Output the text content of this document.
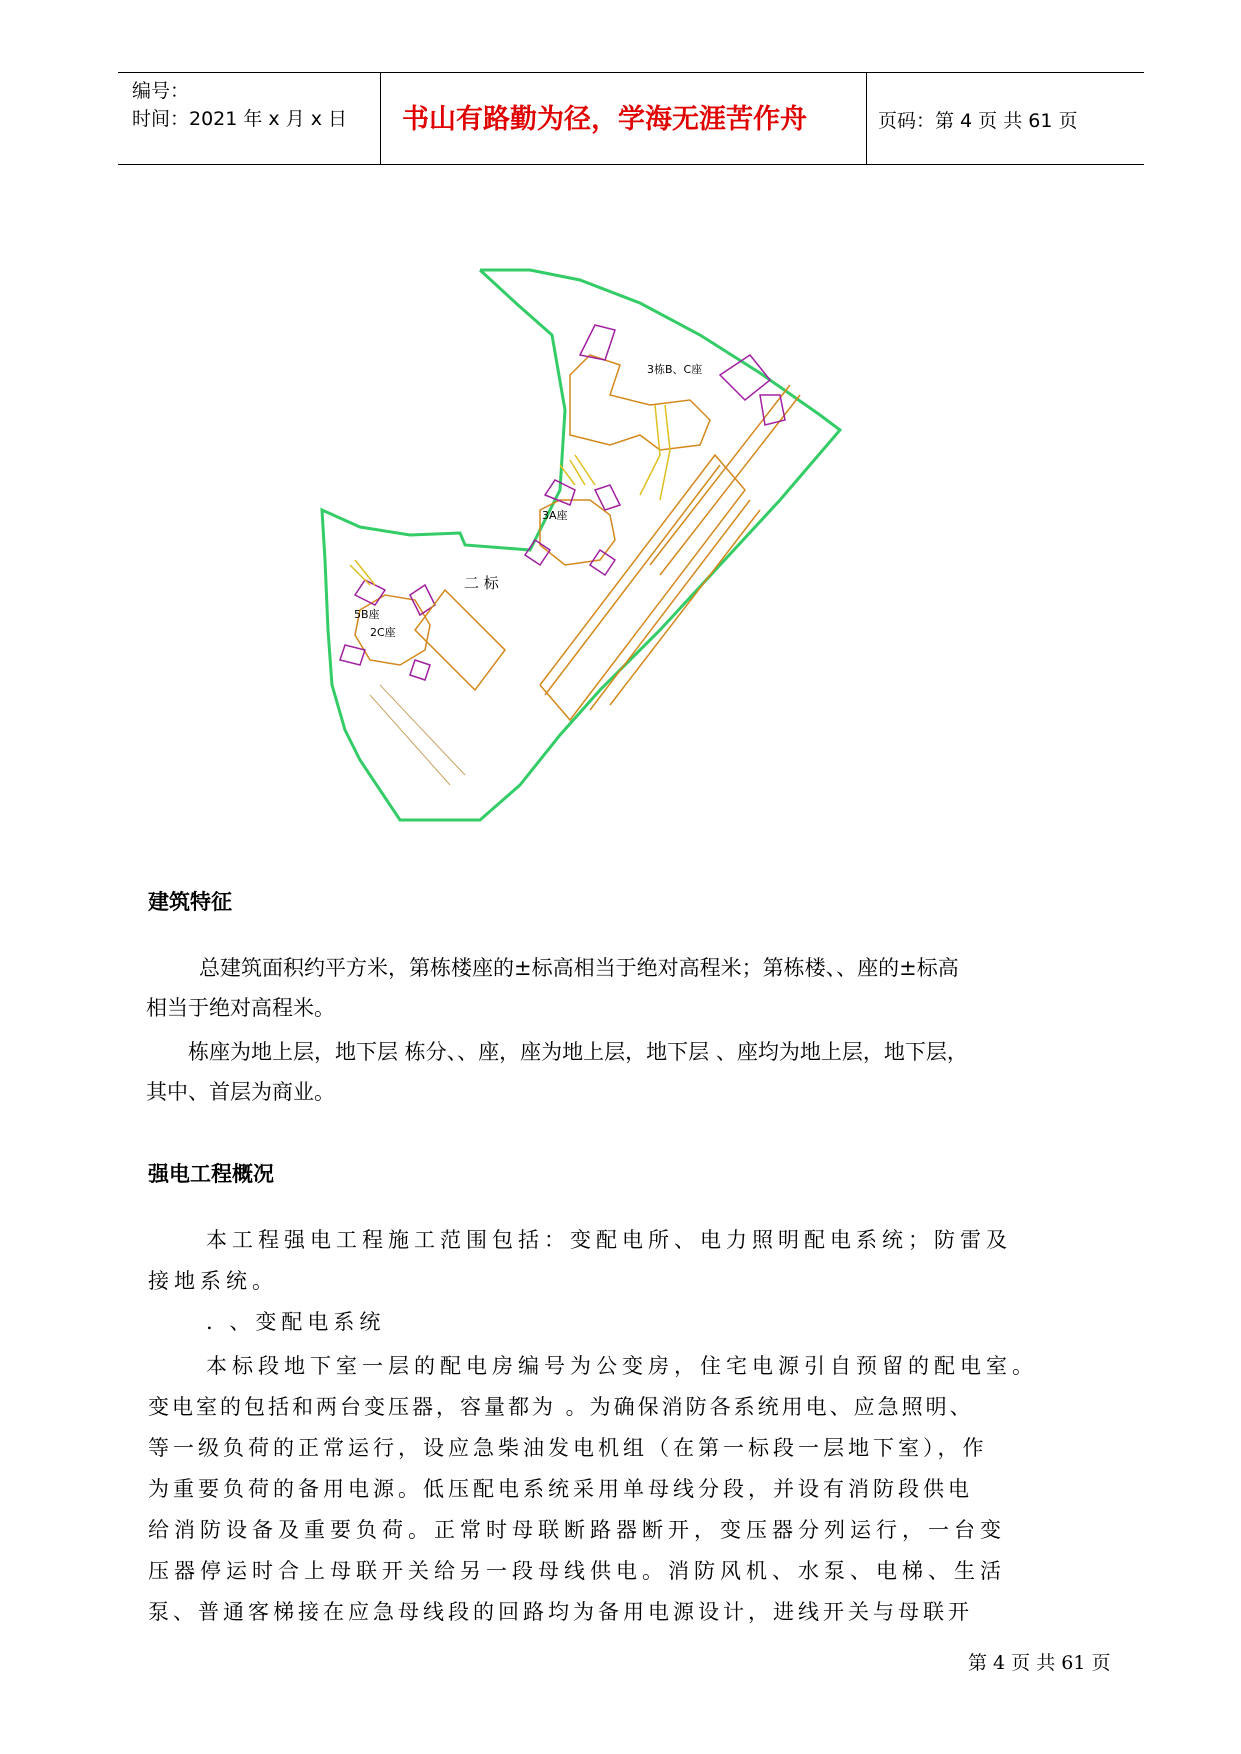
编号：
时间：2021 年 x 月 x 日 书山有路勤为径，学海无涯苦作舟	页码：第 4 页 共 61 页
3栋B、C座
3A座
二 标
5B座
2C座
建筑特征
总建筑面积约平方米，第栋楼座的±标高相当于绝对高程米；第栋楼、、座的±标高
相当于绝对高程米。
栋座为地上层，地下层 栋分、、座，座为地上层，地下层 、座均为地上层，地下层，
其中、首层为商业。
强电工程概况
本工程强电工程施工范围包括：变配电所、电力照明配电系统；防雷及
接地系统。
. 、变配电系统
本标段地下室一层的配电房编号为公变房，住宅电源引自预留的配电室。
变电室的包括和两台变压器，容量都为 。为确保消防各系统用电、应急照明、
等一级负荷的正常运行，设应急柴油发电机组（在第一标段一层地下室），作
为重要负荷的备用电源。低压配电系统采用单母线分段，并设有消防段供电
给消防设备及重要负荷。正常时母联断路器断开，变压器分列运行，一台变
压器停运时合上母联开关给另一段母线供电。消防风机、水泵、电梯、生活
泵、普通客梯接在应急母线段的回路均为备用电源设计，进线开关与母联开
第 4 页 共 61 页
